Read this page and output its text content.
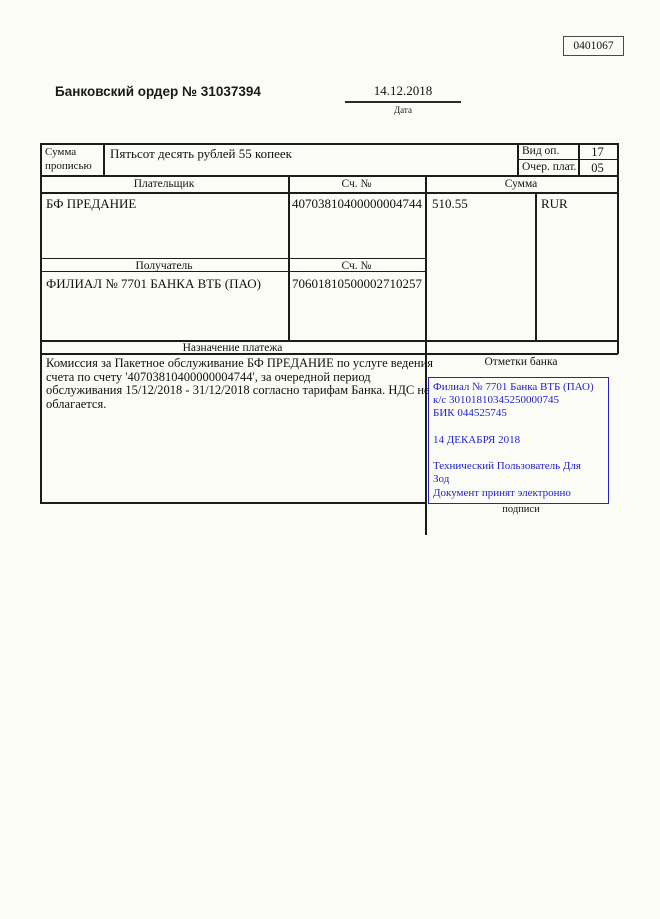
0401067
Банковский ордер № 31037394	14.12.2018
Дата
Сумма прописью
Пятьсот десять рублей 55 копеек	Вид оп.	17
Очер. плат.	05
Плательщик	Сч. №	Сумма
БФ ПРЕДАНИЕ	40703810400000004744 510.55	RUR
Получатель	Сч. №
ФИЛИАЛ № 7701 БАНКА ВТБ (ПАО) 70601810500002710257
Назначение платежа
Комиссия за Пакетное обслуживание БФ ПРЕДАНИЕ по услуге ведения счета по счету '40703810400000004744', за очередной период обслуживания 15/12/2018 - 31/12/2018 согласно тарифам Банка. НДС не облагается.
Отметки банка
Филиал № 7701 Банка ВТБ (ПАО)
к/с 30101810345250000745
БИК 044525745
14 ДЕКАБРЯ 2018
Технический Пользователь Для
Зод
Документ принят электронно
подписи
